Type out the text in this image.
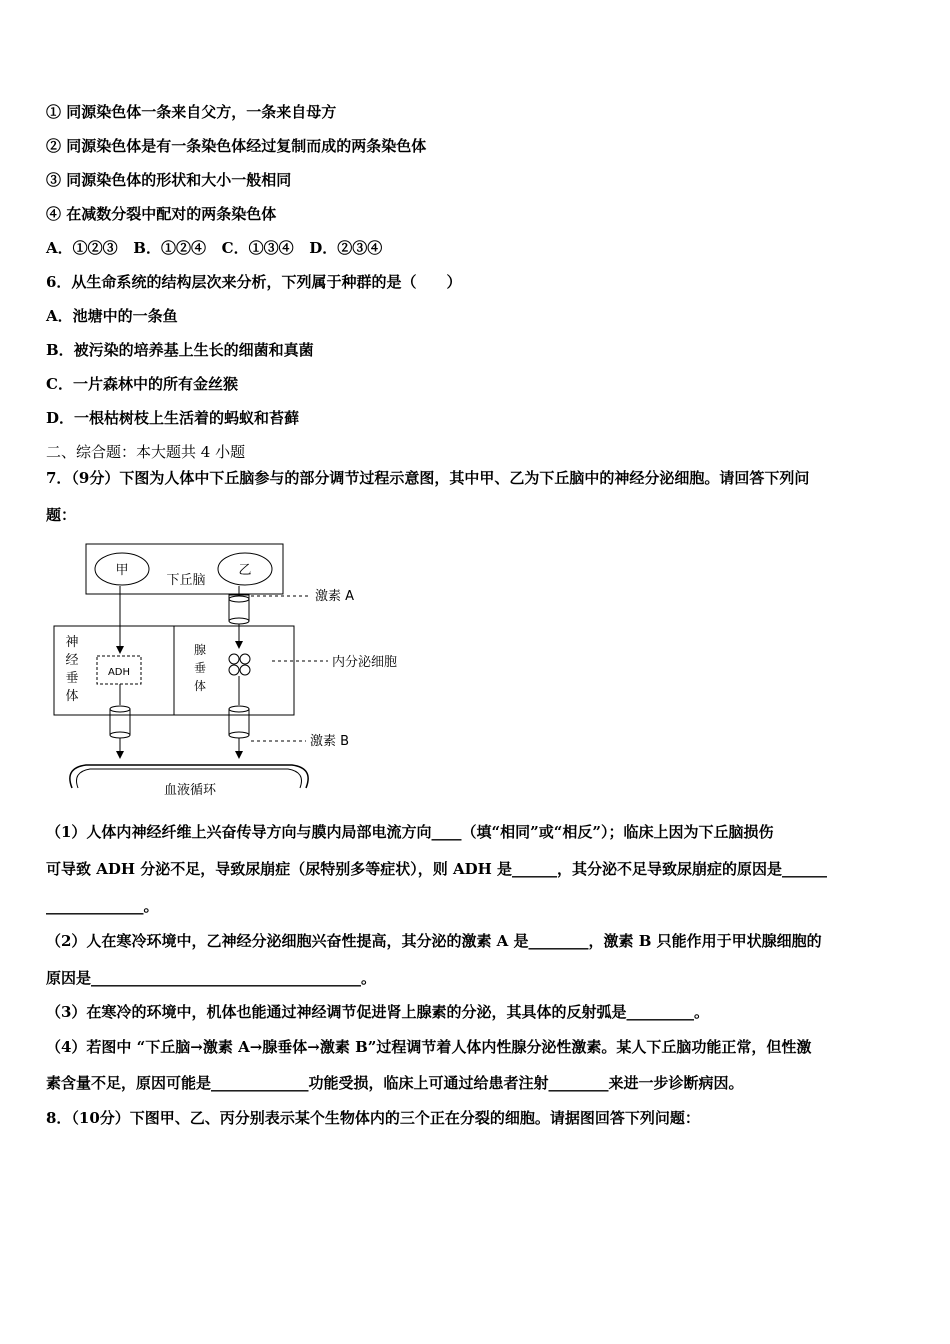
① 同源染色体一条来自父方，一条来自母方
② 同源染色体是有一条染色体经过复制而成的两条染色体
③ 同源染色体的形状和大小一般相同
④ 在减数分裂中配对的两条染色体
A．①②③   B．①②④   C．①③④   D．②③④
6．从生命系统的结构层次来分析，下列属于种群的是（　　）
A．池塘中的一条鱼
B．被污染的培养基上生长的细菌和真菌
C．一片森林中的所有金丝猴
D．一根枯树枝上生活着的蚂蚁和苔藓
二、综合题：本大题共 4 小题
7．（9分）下图为人体中下丘脑参与的部分调节过程示意图，其中甲、乙为下丘脑中的神经分泌细胞。请回答下列问
题：
甲	乙
下丘脑
激素 A
神
经
垂
体
腺
垂
体
ADH
内分泌细胞
激素 B
血液循环
（1）人体内神经纤维上兴奋传导方向与膜内局部电流方向____（填“相同”或“相反”）；临床上因为下丘脑损伤
可导致 ADH 分泌不足，导致尿崩症（尿特别多等症状），则 ADH 是______，其分泌不足导致尿崩症的原因是______
_____________。
（2）人在寒冷环境中，乙神经分泌细胞兴奋性提高，其分泌的激素 A 是________，激素 B 只能作用于甲状腺细胞的
原因是____________________________________。
（3）在寒冷的环境中，机体也能通过神经调节促进肾上腺素的分泌，其具体的反射弧是_________。
（4）若图中 “下丘脑→激素 A→腺垂体→激素 B”过程调节着人体内性腺分泌性激素。某人下丘脑功能正常，但性激
素含量不足，原因可能是_____________功能受损，临床上可通过给患者注射________来进一步诊断病因。
8．（10分）下图甲、乙、丙分别表示某个生物体内的三个正在分裂的细胞。请据图回答下列问题：
